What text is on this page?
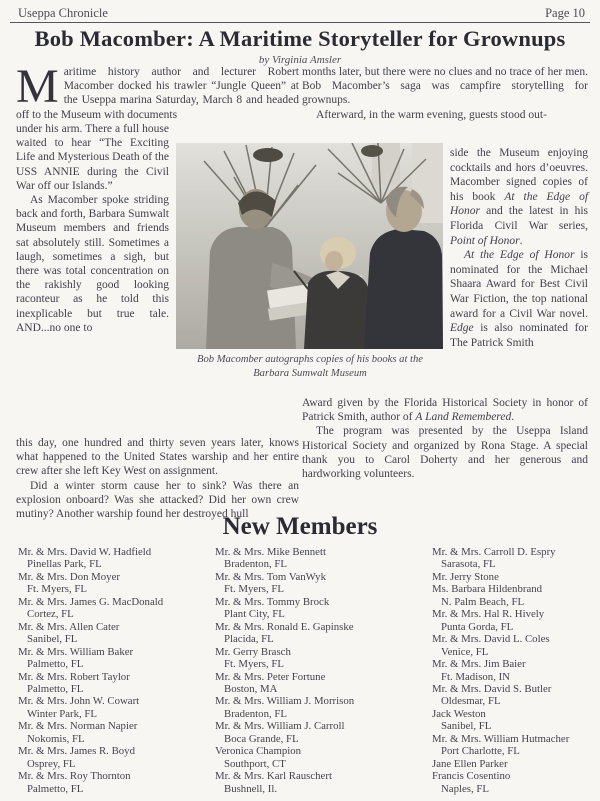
Useppa Chronicle	Page 10
Bob Macomber: A Maritime Storyteller for Grownups
by Virginia Amsler

Maritime history author and lecturer Robert Macomber docked his trawler “Jungle Queen” at the Useppa marina Saturday, March 8 and headed off to the Museum with documents

under his arm. There a full house waited to hear “The Exciting Life and Mysterious Death of the USS ANNIE during the Civil War off our Islands.”

As Macomber spoke striding back and forth, Barbara Sumwalt Museum members and friends sat absolutely still. Sometimes a laugh, sometimes a sigh, but there was total concentration on the rakishly good looking raconteur as he told this inexplicable but true tale. AND...no one to

this day, one hundred and thirty seven years later, knows what happened to the United States warship and her entire crew after she left Key West on assignment.

Did a winter storm cause her to sink? Was there an explosion onboard? Was she attacked? Did her own crew mutiny? Another warship found her destroyed hull

months later, but there were no clues and no trace of her men. Bob Macomber’s saga was campfire storytelling for grownups.

Afterward, in the warm evening, guests stood out-

side the Museum enjoying cocktails and hors d’oeuvres. Macomber signed copies of his book At the Edge of Honor and the latest in his Florida Civil War series, Point of Honor.

At the Edge of Honor is nominated for the Michael Shaara Award for Best Civil War Fiction, the top national award for a Civil War novel. Edge is also nominated for The Patrick Smith

Award given by the Florida Historical Society in honor of Patrick Smith, author of A Land Remembered.

The program was presented by the Useppa Island Historical Society and organized by Rona Stage. A special thank you to Carol Doherty and her generous and hardworking volunteers.

Bob Macomber autographs copies of his books at the
Barbara Sumwalt Museum
New Members
Mr. & Mrs. David W. Hadfield
Pinellas Park, FL
Mr. & Mrs. Don Moyer
Ft. Myers, FL
Mr. & Mrs. James G. MacDonald
Cortez, FL
Mr. & Mrs. Allen Cater
Sanibel, FL
Mr. & Mrs. William Baker
Palmetto, FL
Mr. & Mrs. Robert Taylor
Palmetto, FL
Mr. & Mrs. John W. Cowart
Winter Park, FL
Mr. & Mrs. Norman Napier
Nokomis, FL
Mr. & Mrs. James R. Boyd
Osprey, FL
Mr. & Mrs. Roy Thornton
Palmetto, FL
Mr. & Mrs. Mike Bennett
Bradenton, FL
Mr. & Mrs. Tom VanWyk
Ft. Myers, FL
Mr. & Mrs. Tommy Brock
Plant City, FL
Mr. & Mrs. Ronald E. Gapinske
Placida, FL
Mr. Gerry Brasch
Ft. Myers, FL
Mr. & Mrs. Peter Fortune
Boston, MA
Mr. & Mrs. William J. Morrison
Bradenton, FL
Mr. & Mrs. William J. Carroll
Boca Grande, FL
Veronica Champion
Southport, CT
Mr. & Mrs. Karl Rauschert
Bushnell, Il.
Mr. & Mrs. Carroll D. Espry
Sarasota, FL
Mr. Jerry Stone
Ms. Barbara Hildenbrand
N. Palm Beach, FL
Mr. & Mrs. Hal R. Hively
Punta Gorda, FL
Mr. & Mrs. David L. Coles
Venice, FL
Mr. & Mrs. Jim Baier
Ft. Madison, IN
Mr. & Mrs. David S. Butler
Oldesmar, FL
Jack Weston
Sanibel, FL
Mr. & Mrs. William Hutmacher
Port Charlotte, FL
Jane Ellen Parker
Francis Cosentino
Naples, FL
